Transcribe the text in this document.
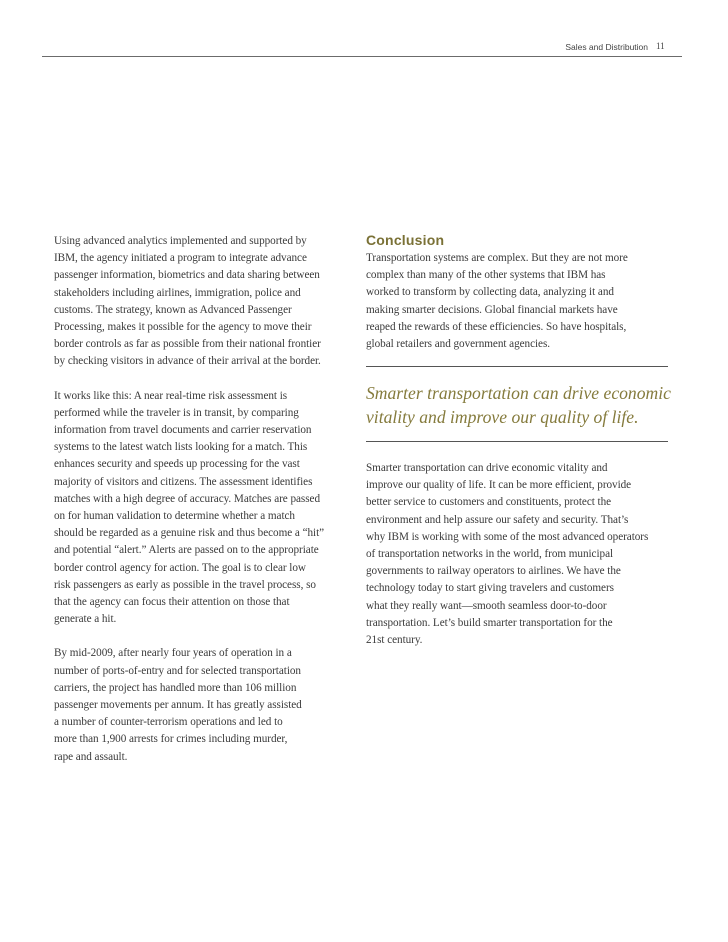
Sales and Distribution 11

Using advanced analytics implemented and supported by
IBM, the agency initiated a program to integrate advance
passenger information, biometrics and data sharing between
stakeholders including airlines, immigration, police and
customs. The strategy, known as Advanced Passenger
Processing, makes it possible for the agency to move their
border controls as far as possible from their national frontier
by checking visitors in advance of their arrival at the border.

It works like this: A near real-time risk assessment is
performed while the traveler is in transit, by comparing
information from travel documents and carrier reservation
systems to the latest watch lists looking for a match. This
enhances security and speeds up processing for the vast
majority of visitors and citizens. The assessment identifies
matches with a high degree of accuracy. Matches are passed
on for human validation to determine whether a match
should be regarded as a genuine risk and thus become a “hit”
and potential “alert.” Alerts are passed on to the appropriate
border control agency for action. The goal is to clear low
risk passengers as early as possible in the travel process, so
that the agency can focus their attention on those that
generate a hit.

By mid-2009, after nearly four years of operation in a
number of ports-of-entry and for selected transportation
carriers, the project has handled more than 106 million
passenger movements per annum. It has greatly assisted
a number of counter-terrorism operations and led to
more than 1,900 arrests for crimes including murder,
rape and assault.

Conclusion

Transportation systems are complex. But they are not more
complex than many of the other systems that IBM has
worked to transform by collecting data, analyzing it and
making smarter decisions. Global financial markets have
reaped the rewards of these efficiencies. So have hospitals,
global retailers and government agencies.

Smarter transportation can drive economic
vitality and improve our quality of life.

Smarter transportation can drive economic vitality and
improve our quality of life. It can be more efficient, provide
better service to customers and constituents, protect the
environment and help assure our safety and security. That’s
why IBM is working with some of the most advanced operators
of transportation networks in the world, from municipal
governments to railway operators to airlines. We have the
technology today to start giving travelers and customers
what they really want—smooth seamless door-to-door
transportation. Let’s build smarter transportation for the
21st century.
